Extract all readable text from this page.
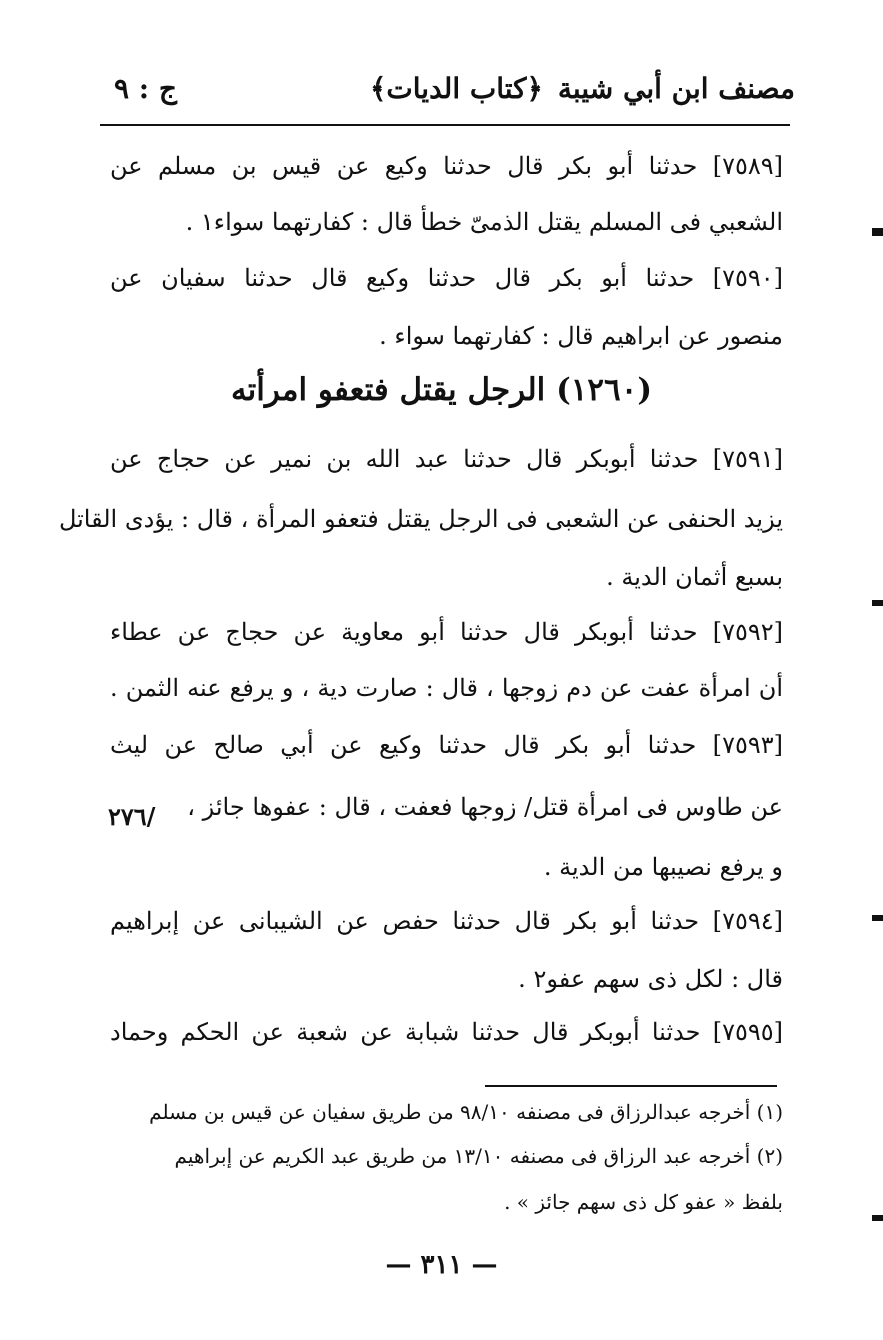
مصنف ابن أبي شيبة
﴿كتاب الديات﴾
ج : ٩
[٧٥٨٩] حدثنا أبو بكر قال حدثنا وكيع عن قيس بن مسلم عن
الشعبي فى المسلم يقتل الذمىّ خطأ قال : كفارتهما سواء١ .
[٧٥٩٠] حدثنا أبو بكر قال حدثنا وكيع قال حدثنا سفيان عن
منصور عن ابراهيم قال : كفارتهما سواء .
(١٢٦٠) الرجل يقتل فتعفو امرأته
[٧٥٩١] حدثنا أبوبكر قال حدثنا عبد الله بن نمير عن حجاج عن
يزيد الحنفى عن الشعبى فى الرجل يقتل فتعفو المرأة ، قال : يؤدى القاتل
بسبع أثمان الدية .
[٧٥٩٢] حدثنا أبوبكر قال حدثنا أبو معاوية عن حجاج عن عطاء
أن امرأة عفت عن دم زوجها ، قال : صارت دية ، و يرفع عنه الثمن .
[٧٥٩٣] حدثنا أبو بكر قال حدثنا وكيع عن أبي صالح عن ليث
عن طاوس فى امرأة قتل/ زوجها فعفت ، قال : عفوها جائز ،
٢٧٦/
و يرفع نصيبها من الدية .
[٧٥٩٤] حدثنا أبو بكر قال حدثنا حفص عن الشيبانى عن إبراهيم
قال : لكل ذى سهم عفو٢ .
[٧٥٩٥] حدثنا أبوبكر قال حدثنا شبابة عن شعبة عن الحكم وحماد
(١) أخرجه عبدالرزاق فى مصنفه ٩٨/١٠ من طريق سفيان عن قيس بن مسلم
(٢) أخرجه عبد الرزاق فى مصنفه ١٣/١٠ من طريق عبد الكريم عن إبراهيم
بلفظ « عفو كل ذى سهم جائز » .
— ٣١١ —
